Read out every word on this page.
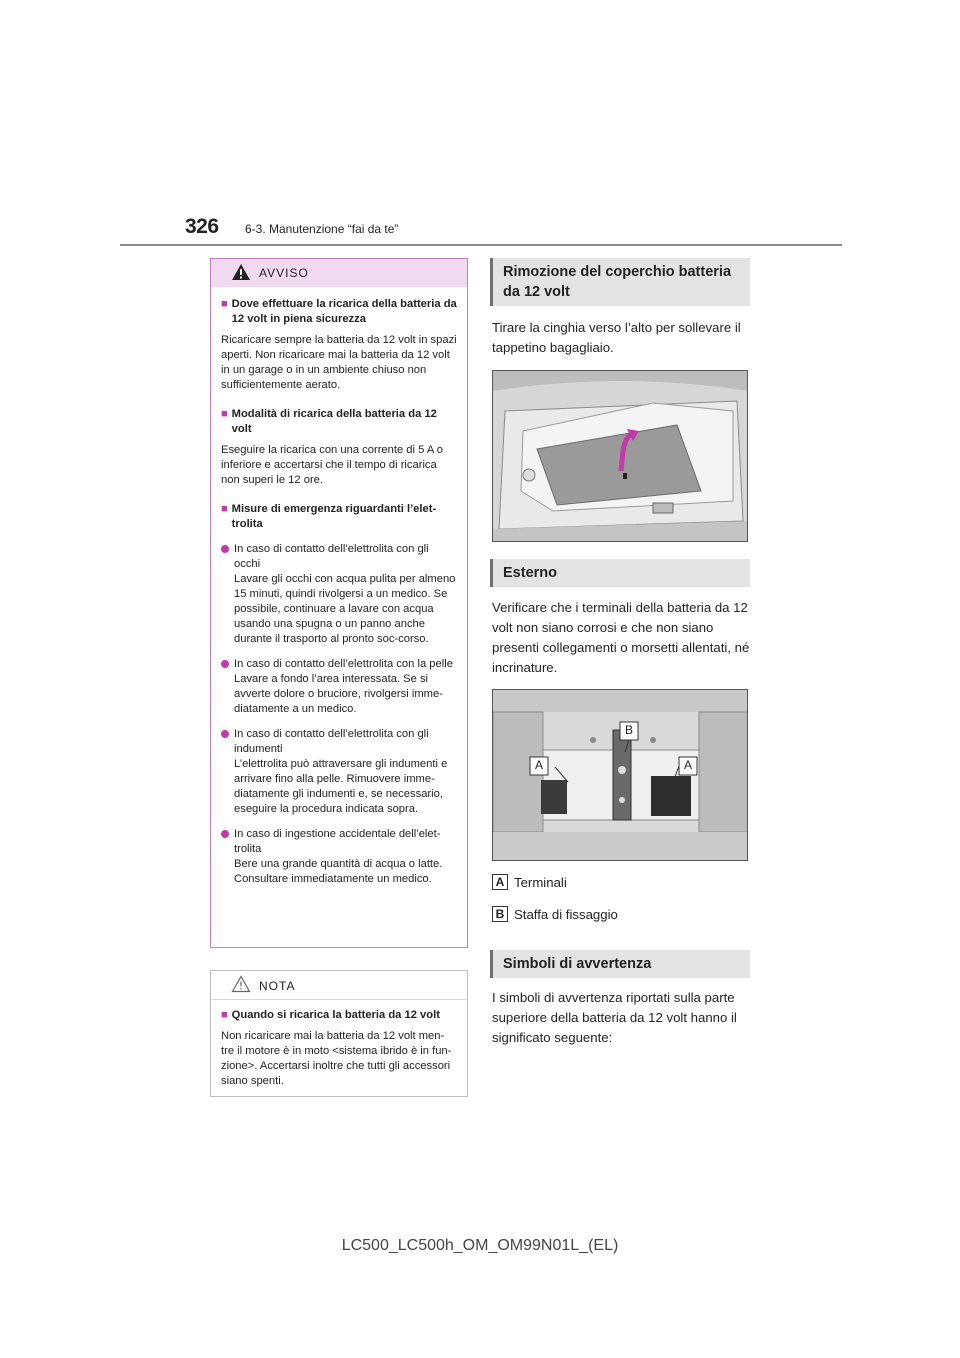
326 6-3. Manutenzione “fai da te”
AVVISO
■ Dove effettuare la ricarica della batteria da 12 volt in piena sicurezza
Ricaricare sempre la batteria da 12 volt in spazi aperti. Non ricaricare mai la batteria da 12 volt in un garage o in un ambiente chiuso non sufficientemente aerato.
■ Modalità di ricarica della batteria da 12 volt
Eseguire la ricarica con una corrente di 5 A o inferiore e accertarsi che il tempo di ricarica non superi le 12 ore.
■ Misure di emergenza riguardanti l’elet-trolita
In caso di contatto dell’elettrolita con gli occhi
Lavare gli occhi con acqua pulita per almeno 15 minuti, quindi rivolgersi a un medico. Se possibile, continuare a lavare con acqua usando una spugna o un panno anche durante il trasporto al pronto soc-corso.
In caso di contatto dell’elettrolita con la pelle
Lavare a fondo l’area interessata. Se si avverte dolore o bruciore, rivolgersi imme-diatamente a un medico.
In caso di contatto dell’elettrolita con gli indumenti
L’elettrolita può attraversare gli indumenti e arrivare fino alla pelle. Rimuovere imme-diatamente gli indumenti e, se necessario, eseguire la procedura indicata sopra.
In caso di ingestione accidentale dell’elet-trolita
Bere una grande quantità di acqua o latte. Consultare immediatamente un medico.
NOTA
■ Quando si ricarica la batteria da 12 volt
Non ricaricare mai la batteria da 12 volt men-tre il motore è in moto <sistema ibrido è in fun-zione>. Accertarsi inoltre che tutti gli accessori siano spenti.
Rimozione del coperchio batteria da 12 volt
Tirare la cinghia verso l’alto per sollevare il tappetino bagagliaio.
Esterno
Verificare che i terminali della batteria da 12 volt non siano corrosi e che non siano presenti collegamenti o morsetti allentati, né incrinature.
B
A	A
A Terminali
B Staffa di fissaggio
Simboli di avvertenza
I simboli di avvertenza riportati sulla parte superiore della batteria da 12 volt hanno il significato seguente:
LC500_LC500h_OM_OM99N01L_(EL)
